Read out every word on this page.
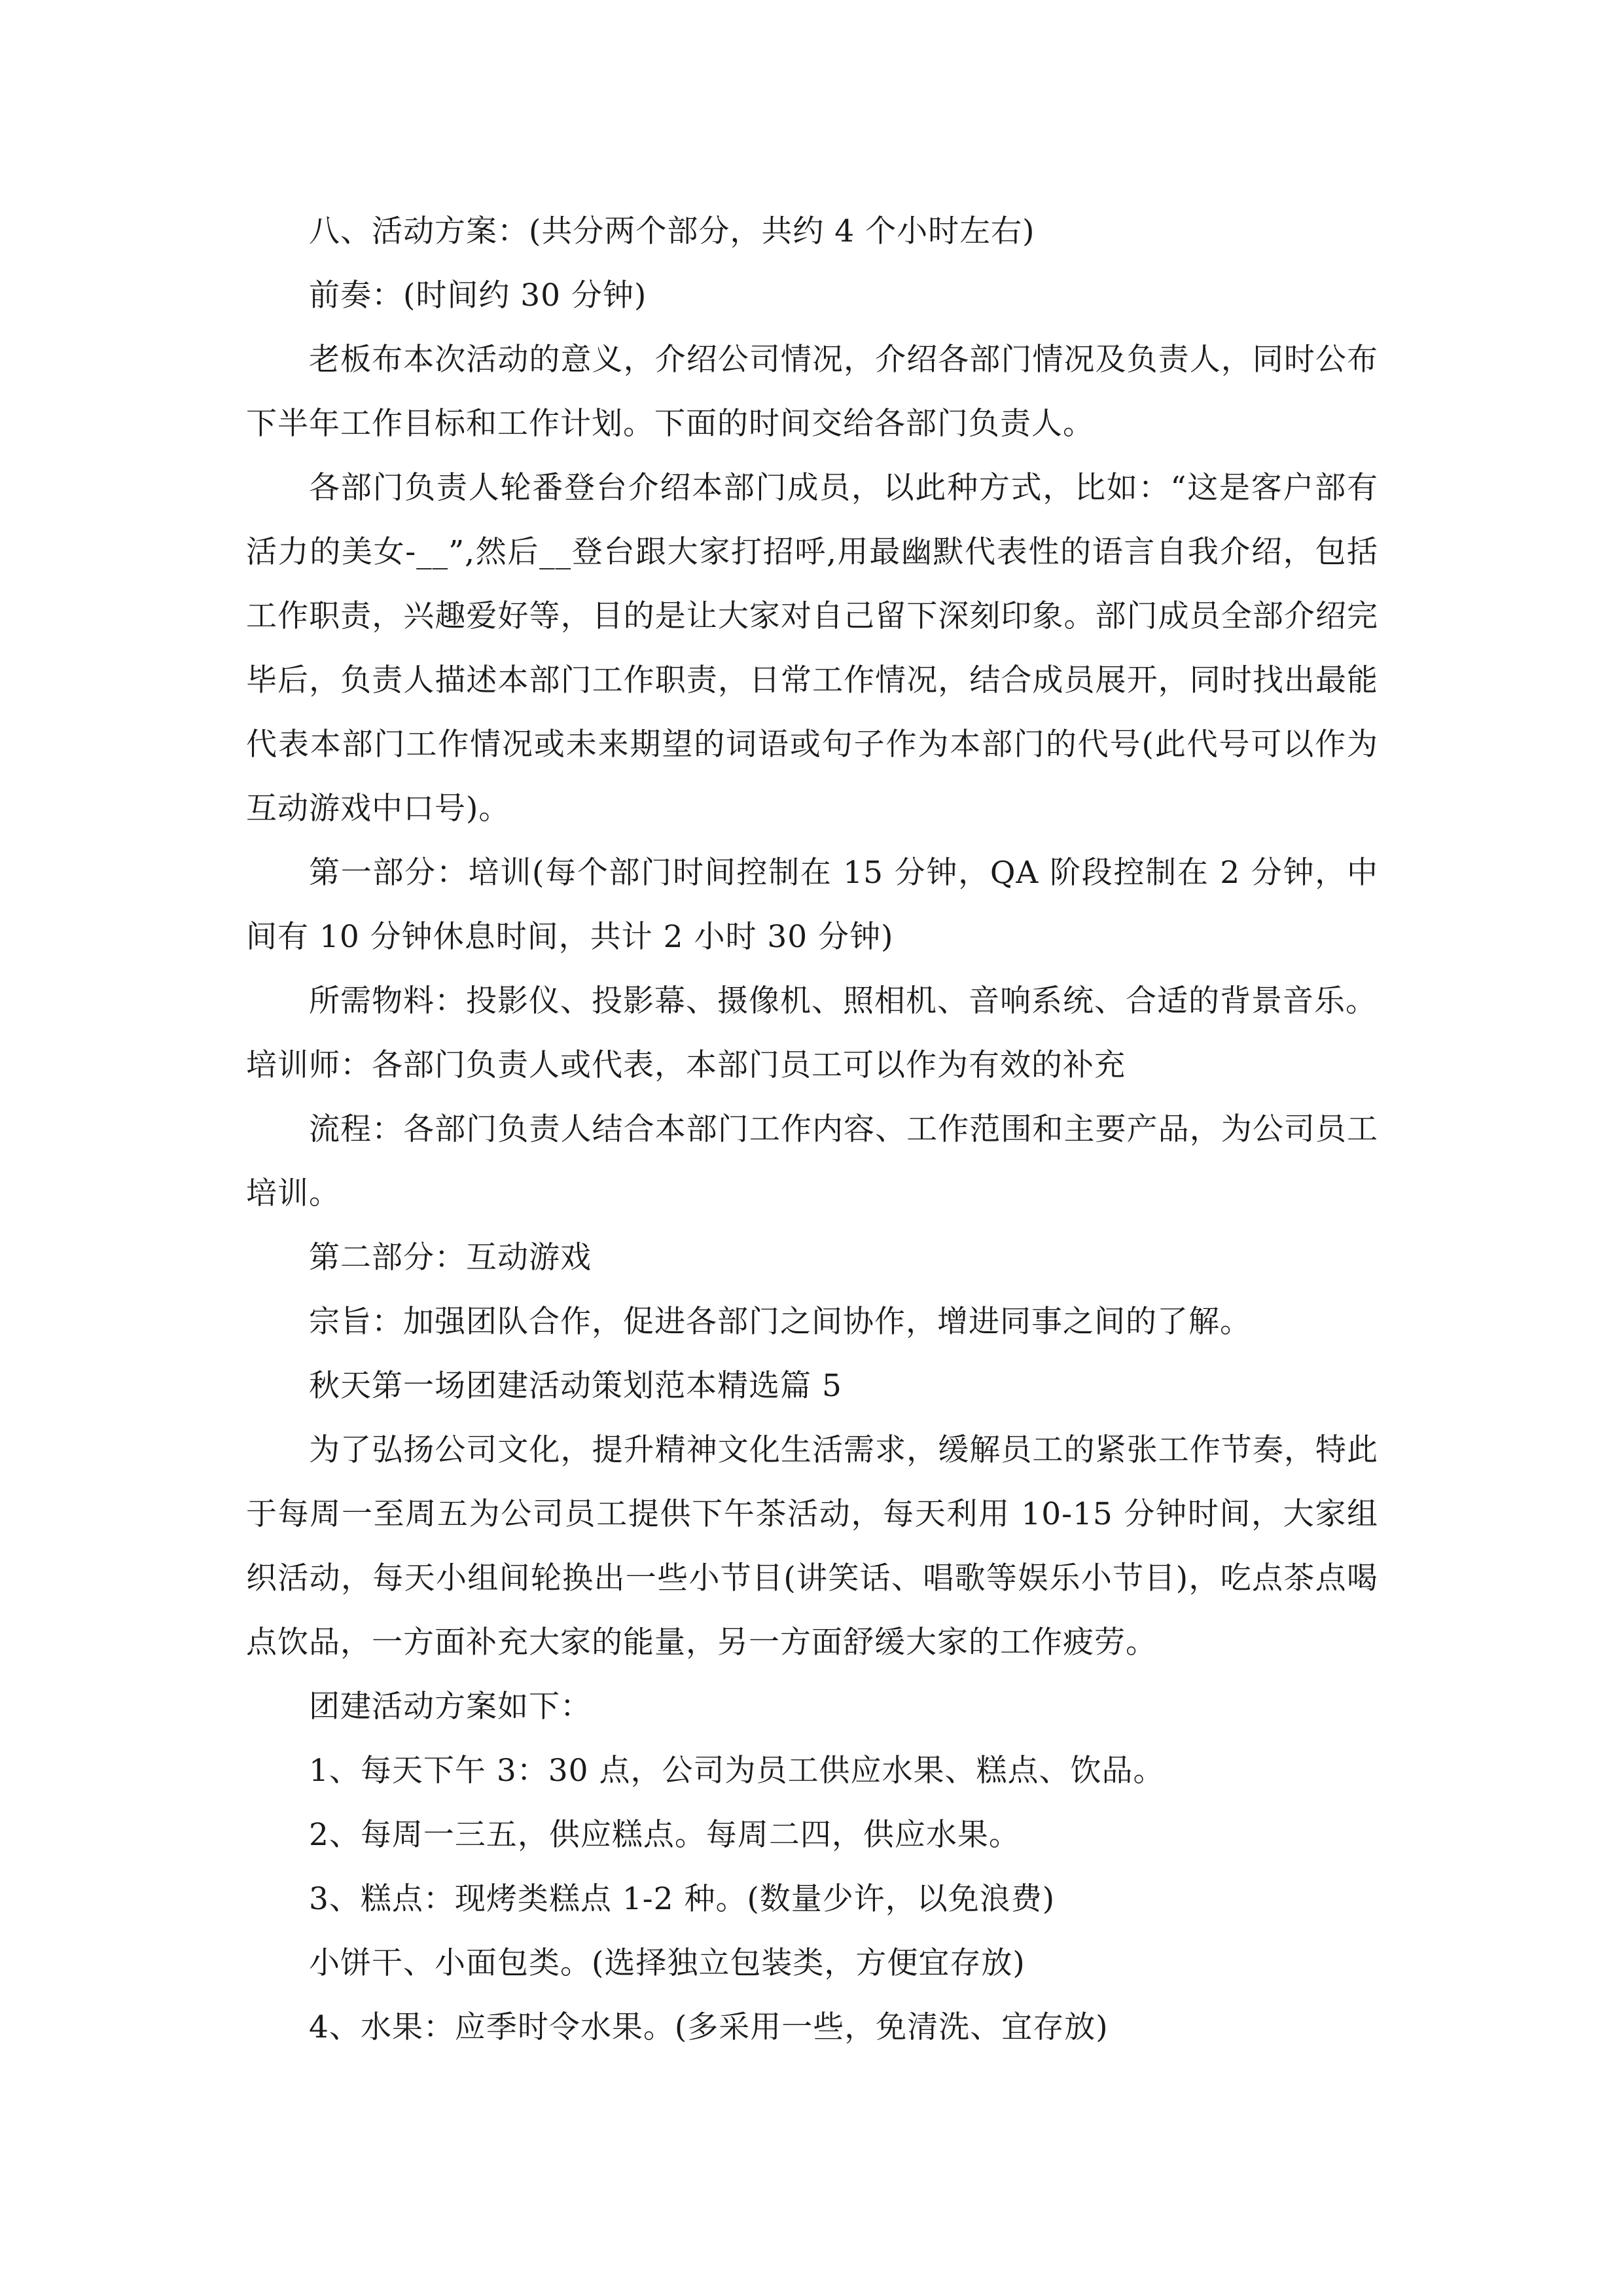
八、活动方案：(共分两个部分，共约 4 个小时左右)

前奏：(时间约 30 分钟)

老板布本次活动的意义，介绍公司情况，介绍各部门情况及负责人，同时公布下半年工作目标和工作计划。下面的时间交给各部门负责人。

各部门负责人轮番登台介绍本部门成员，以此种方式，比如：“这是客户部有活力的美女-__”,然后__登台跟大家打招呼,用最幽默代表性的语言自我介绍，包括工作职责，兴趣爱好等，目的是让大家对自己留下深刻印象。部门成员全部介绍完毕后，负责人描述本部门工作职责，日常工作情况，结合成员展开，同时找出最能代表本部门工作情况或未来期望的词语或句子作为本部门的代号(此代号可以作为互动游戏中口号)。

第一部分：培训(每个部门时间控制在 15 分钟，QA 阶段控制在 2 分钟，中间有 10 分钟休息时间，共计 2 小时 30 分钟)

所需物料：投影仪、投影幕、摄像机、照相机、音响系统、合适的背景音乐。

培训师：各部门负责人或代表，本部门员工可以作为有效的补充

流程：各部门负责人结合本部门工作内容、工作范围和主要产品，为公司员工培训。

第二部分：互动游戏

宗旨：加强团队合作，促进各部门之间协作，增进同事之间的了解。

秋天第一场团建活动策划范本精选篇 5

为了弘扬公司文化，提升精神文化生活需求，缓解员工的紧张工作节奏，特此于每周一至周五为公司员工提供下午茶活动，每天利用 10-15 分钟时间，大家组织活动，每天小组间轮换出一些小节目(讲笑话、唱歌等娱乐小节目)，吃点茶点喝点饮品，一方面补充大家的能量，另一方面舒缓大家的工作疲劳。

团建活动方案如下：

1、每天下午 3：30 点，公司为员工供应水果、糕点、饮品。

2、每周一三五，供应糕点。每周二四，供应水果。

3、糕点：现烤类糕点 1-2 种。(数量少许，以免浪费)

小饼干、小面包类。(选择独立包装类，方便宜存放)

4、水果：应季时令水果。(多采用一些，免清洗、宜存放)
